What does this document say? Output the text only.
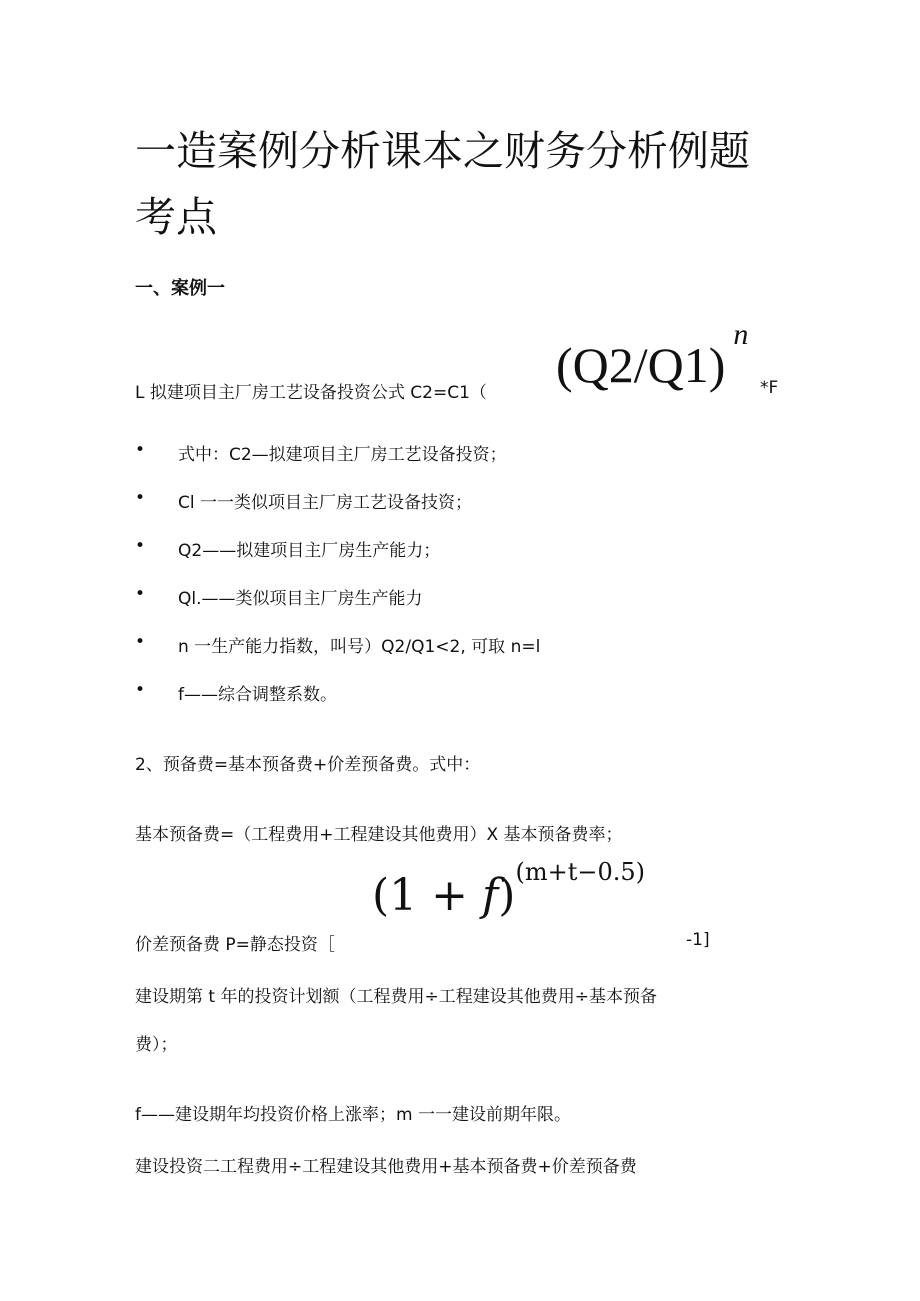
一造案例分析课本之财务分析例题考点
一、案例一

L 拟建项目主厂房工艺设备投资公式 C2=C1（ $(Q2/Q1)^n$
*F
• 式中：C2—拟建项目主厂房工艺设备投资；
• Cl 一一类似项目主厂房工艺设备技资；
• Q2——拟建项目主厂房生产能力；
• Ql.——类似项目主厂房生产能力
• n 一生产能力指数，叫号）Q2/Q1<2, 可取 n=l
• f——综合调整系数。

2、预备费=基本预备费+价差预备费。式中：

基本预备费=（工程费用+工程建设其他费用）X 基本预备费率；

价差预备费 P=静态投资［

$(1 + f)^{(m+t-0.5)}$
-1]

建设期第 t 年的投资计划额（工程费用÷工程建设其他费用÷基本预备

费）；

f——建设期年均投资价格上涨率；m 一一建设前期年限。

建设投资二工程费用÷工程建设其他费用+基本预备费+价差预备费
